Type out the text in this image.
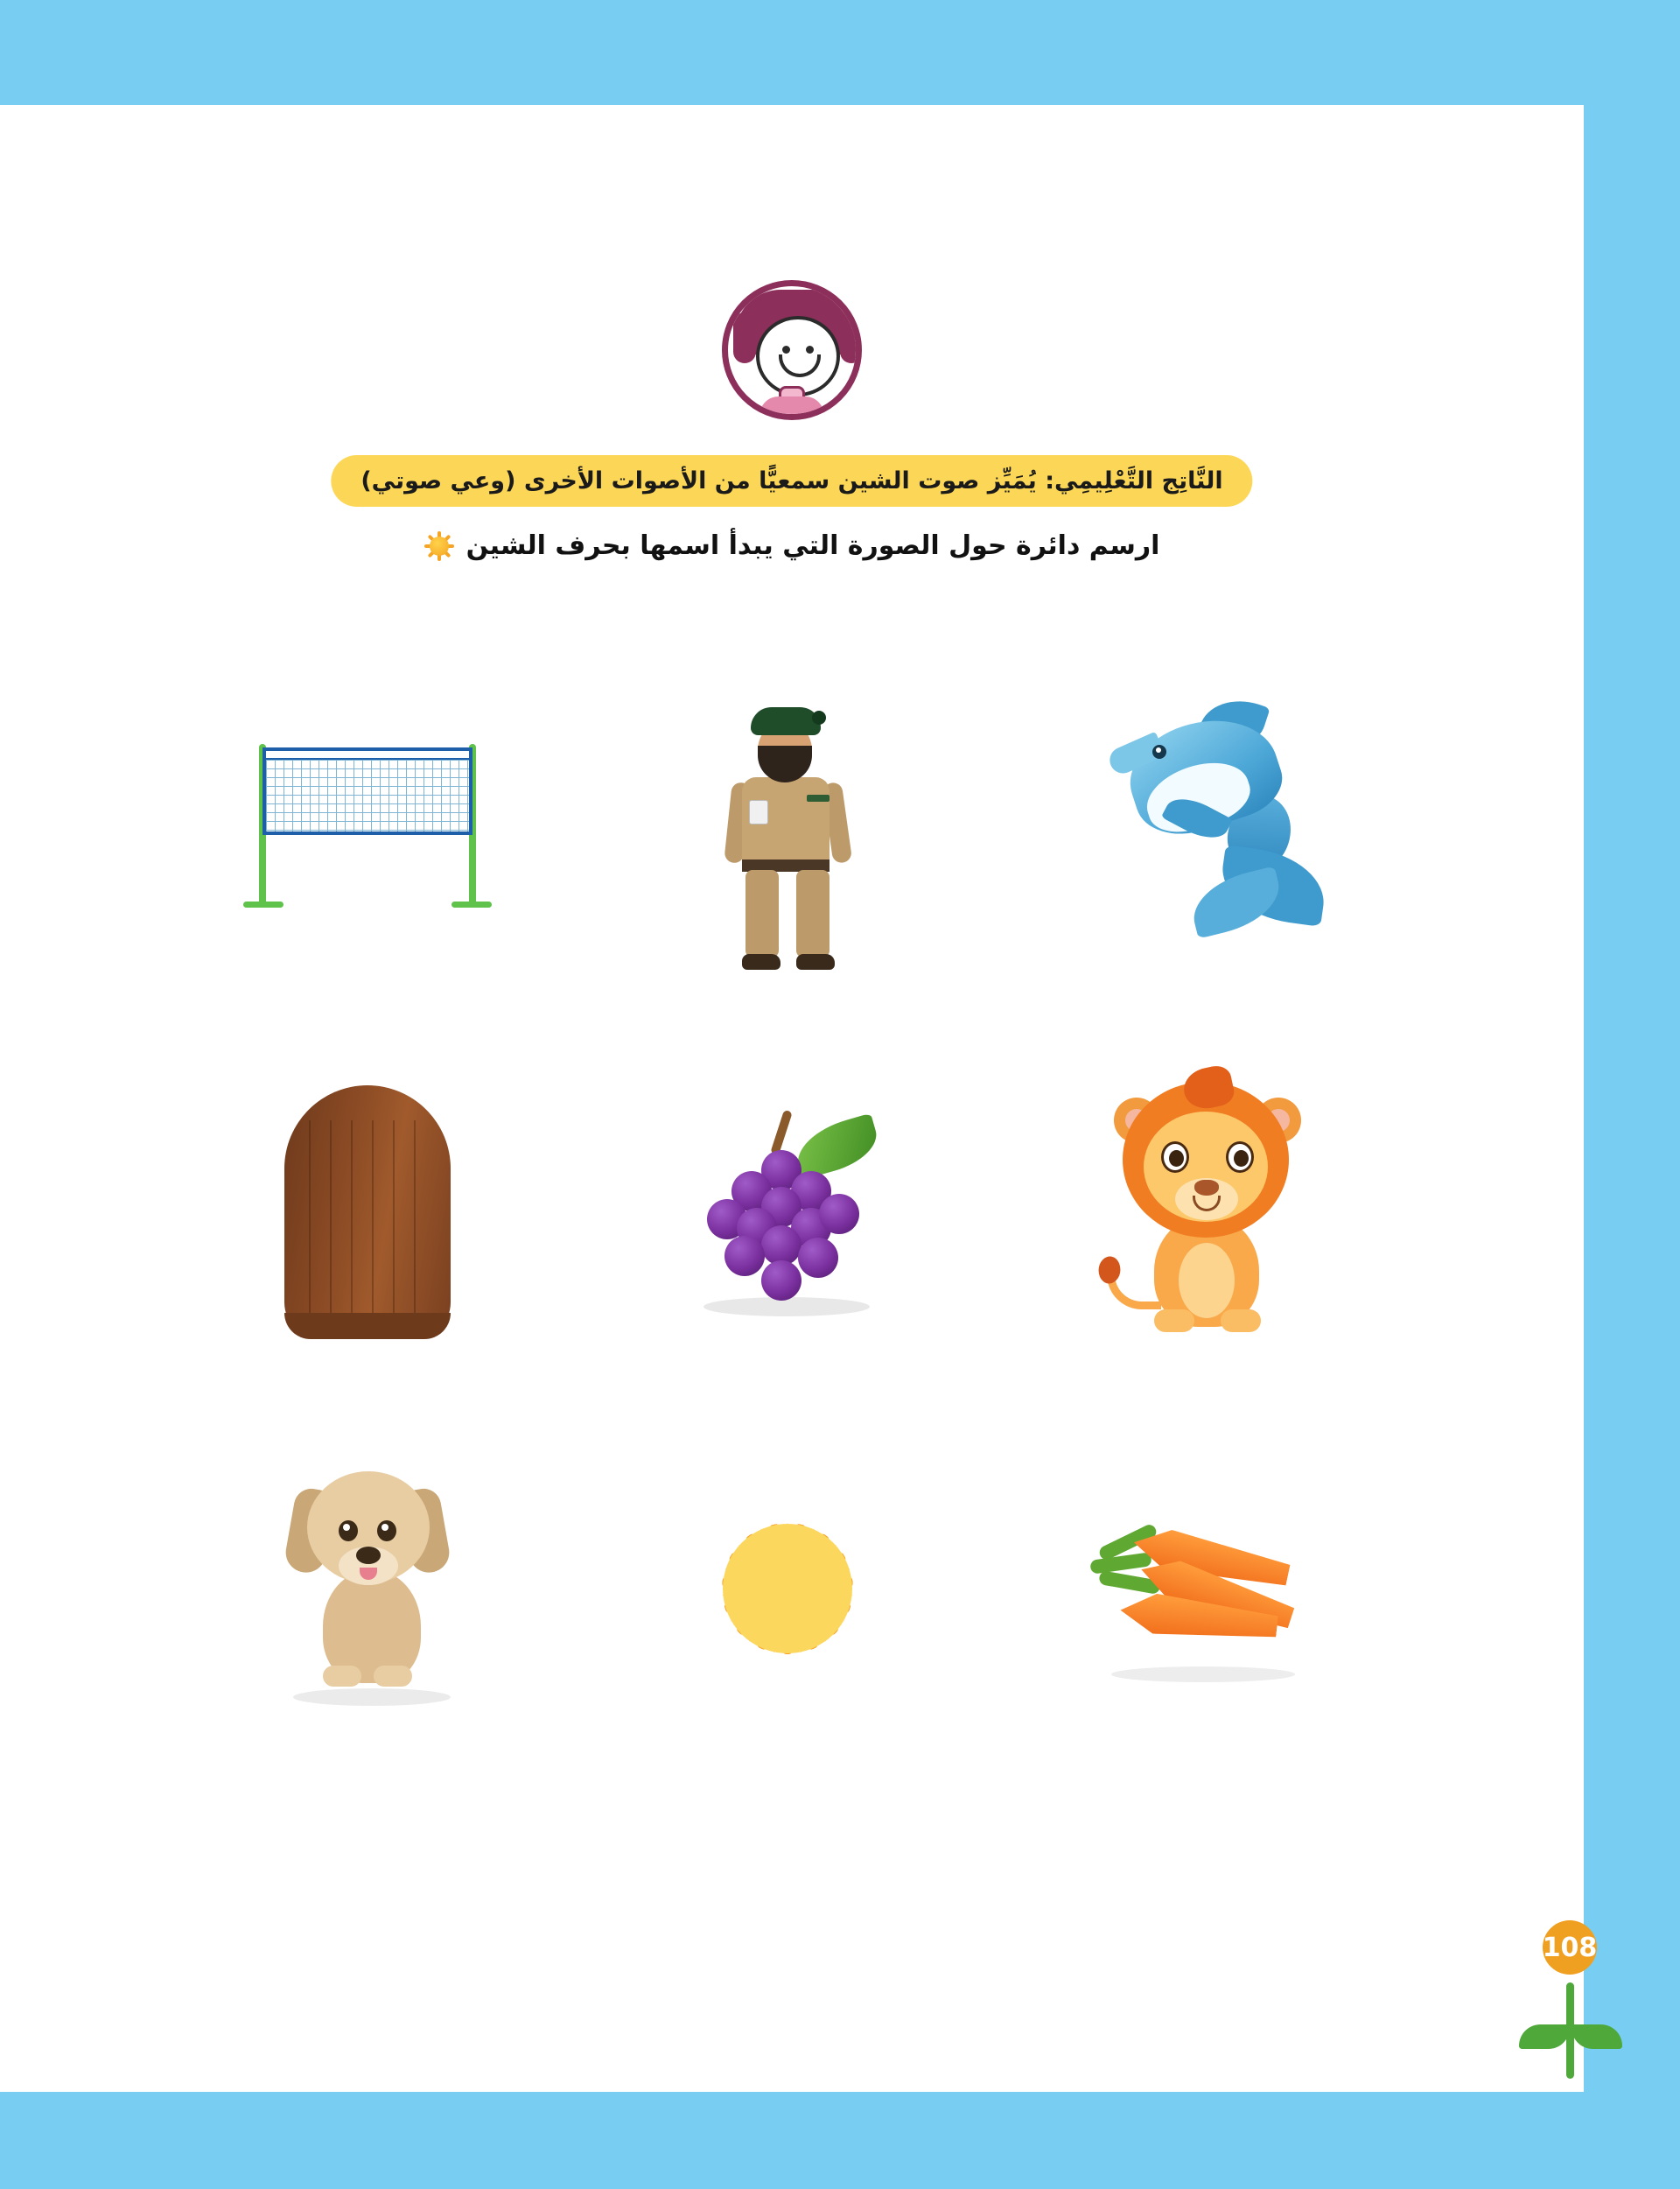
النَّاتِج التَّعْلِيمِي: يُمَيِّز صوت الشين سمعيًّا من الأصوات الأخرى (وعي صوتي)
ارسم دائرة حول الصورة التي يبدأ اسمها بحرف الشين
108
